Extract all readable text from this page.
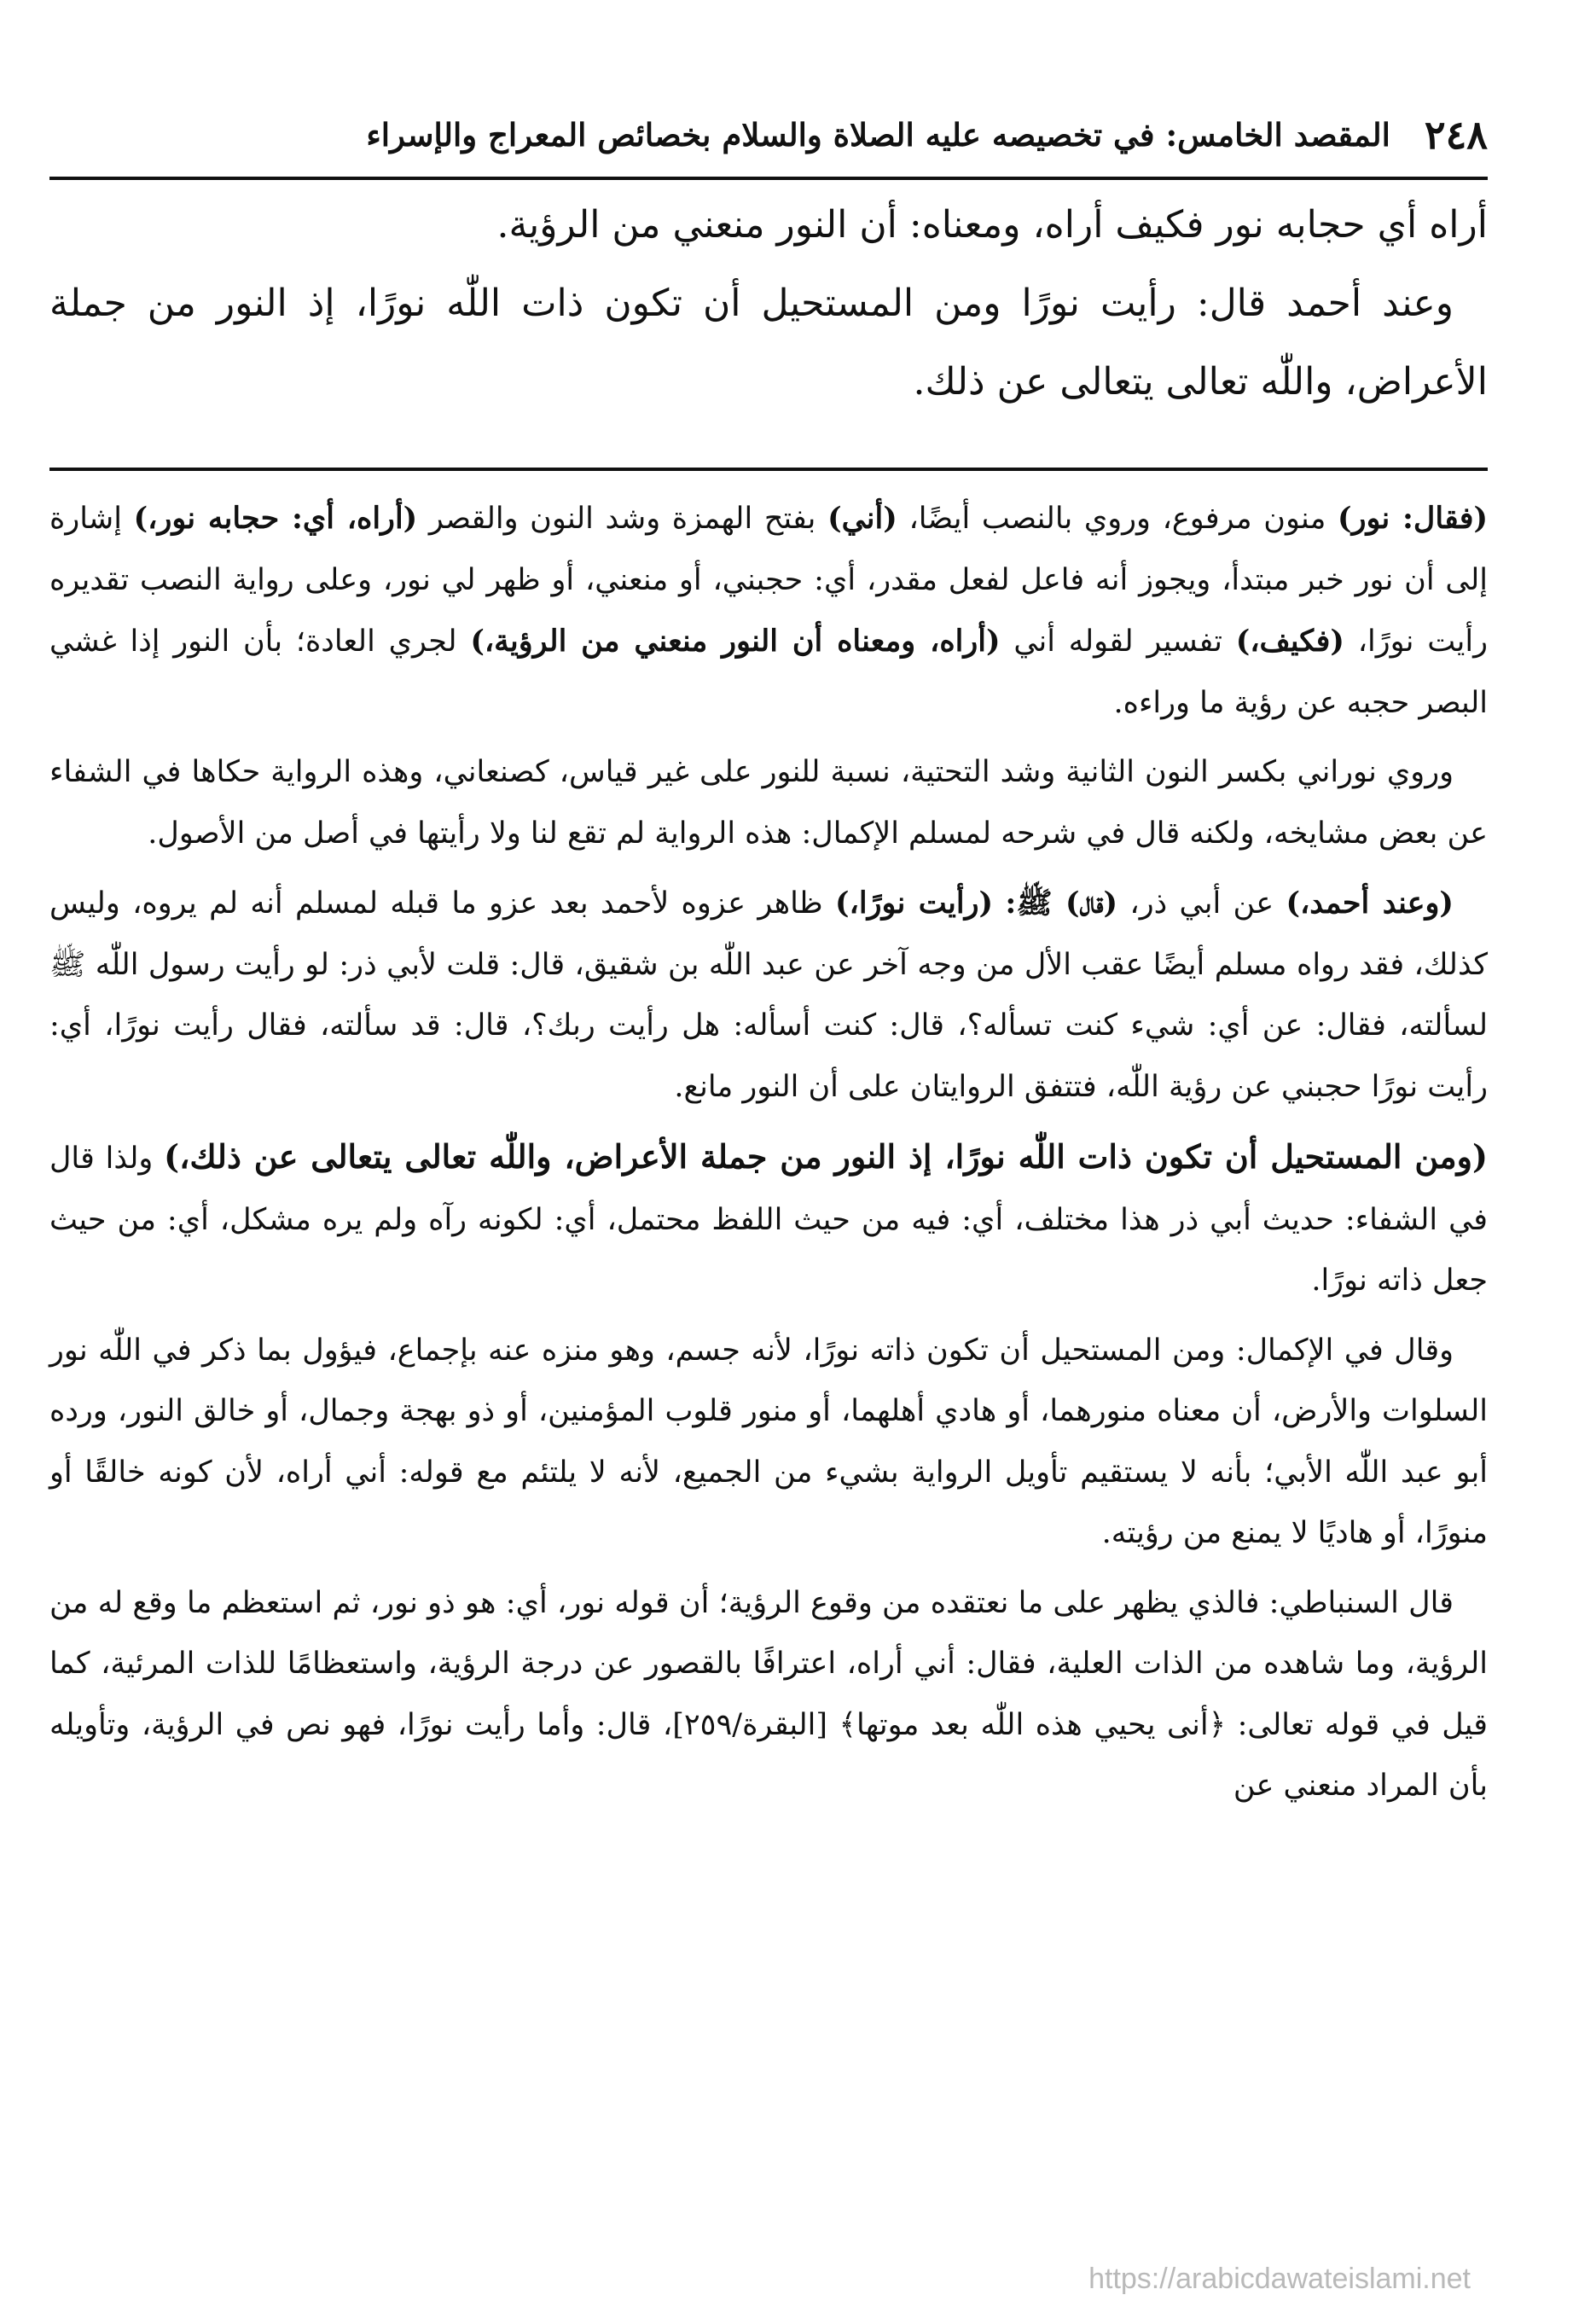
٢٤٨
المقصد الخامس: في تخصيصه عليه الصلاة والسلام بخصائص المعراج والإسراء

أراه أي حجابه نور فكيف أراه، ومعناه: أن النور منعني من الرؤية.

وعند أحمد قال: رأيت نورًا ومن المستحيل أن تكون ذات اللّٰه نورًا، إذ النور من جملة الأعراض، واللّٰه تعالى يتعالى عن ذلك.

(فقال: نور) منون مرفوع، وروي بالنصب أيضًا، (أني) بفتح الهمزة وشد النون والقصر (أراه، أي: حجابه نور،) إشارة إلى أن نور خبر مبتدأ، ويجوز أنه فاعل لفعل مقدر، أي: حجبني، أو منعني، أو ظهر لي نور، وعلى رواية النصب تقديره رأيت نورًا، (فكيف،) تفسير لقوله أني (أراه، ومعناه أن النور منعني من الرؤية،) لجري العادة؛ بأن النور إذا غشي البصر حجبه عن رؤية ما وراءه.

وروي نوراني بكسر النون الثانية وشد التحتية، نسبة للنور على غير قياس، كصنعاني، وهذه الرواية حكاها في الشفاء عن بعض مشايخه، ولكنه قال في شرحه لمسلم الإكمال: هذه الرواية لم تقع لنا ولا رأيتها في أصل من الأصول.

(وعند أحمد،) عن أبي ذر، (قال) ﷺ: (رأيت نورًا،) ظاهر عزوه لأحمد بعد عزو ما قبله لمسلم أنه لم يروه، وليس كذلك، فقد رواه مسلم أيضًا عقب الأل من وجه آخر عن عبد اللّٰه بن شقيق، قال: قلت لأبي ذر: لو رأيت رسول اللّٰه ﷺ لسألته، فقال: عن أي: شيء كنت تسأله؟، قال: كنت أسأله: هل رأيت ربك؟، قال: قد سألته، فقال رأيت نورًا، أي: رأيت نورًا حجبني عن رؤية اللّٰه، فتتفق الروايتان على أن النور مانع.

(ومن المستحيل أن تكون ذات اللّٰه نورًا، إذ النور من جملة الأعراض، واللّٰه تعالى يتعالى عن ذلك،) ولذا قال في الشفاء: حديث أبي ذر هذا مختلف، أي: فيه من حيث اللفظ محتمل، أي: لكونه رآه ولم يره مشكل، أي: من حيث جعل ذاته نورًا.

وقال في الإكمال: ومن المستحيل أن تكون ذاته نورًا، لأنه جسم، وهو منزه عنه بإجماع، فيؤول بما ذكر في اللّٰه نور السلوات والأرض، أن معناه منورهما، أو هادي أهلهما، أو منور قلوب المؤمنين، أو ذو بهجة وجمال، أو خالق النور، ورده أبو عبد اللّٰه الأبي؛ بأنه لا يستقيم تأويل الرواية بشيء من الجميع، لأنه لا يلتئم مع قوله: أني أراه، لأن كونه خالقًا أو منورًا، أو هاديًا لا يمنع من رؤيته.

قال السنباطي: فالذي يظهر على ما نعتقده من وقوع الرؤية؛ أن قوله نور، أي: هو ذو نور، ثم استعظم ما وقع له من الرؤية، وما شاهده من الذات العلية، فقال: أني أراه، اعترافًا بالقصور عن درجة الرؤية، واستعظامًا للذات المرئية، كما قيل في قوله تعالى: ﴿أنى يحيي هذه اللّٰه بعد موتها﴾ [البقرة/٢٥٩]، قال: وأما رأيت نورًا، فهو نص في الرؤية، وتأويله بأن المراد منعني عن

https://arabicdawateislami.net
